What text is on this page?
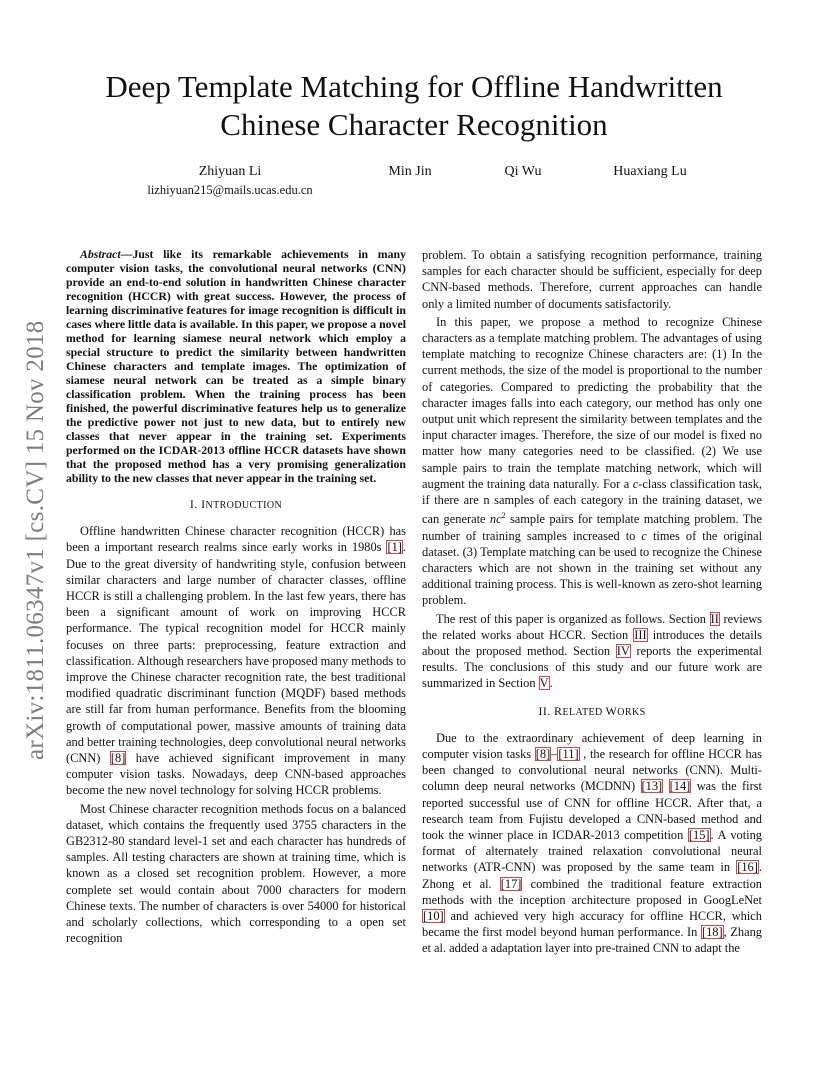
arXiv:1811.06347v1 [cs.CV] 15 Nov 2018
Deep Template Matching for Offline Handwritten
Chinese Character Recognition
Zhiyuan Li
lizhiyuan215@mails.ucas.edu.cn
Min Jin	Qi Wu	Huaxiang Lu

Abstract—Just like its remarkable achievements in many computer vision tasks, the convolutional neural networks (CNN) provide an end-to-end solution in handwritten Chinese character recognition (HCCR) with great success. However, the process of learning discriminative features for image recognition is difficult in cases where little data is available. In this paper, we propose a novel method for learning siamese neural network which employ a special structure to predict the similarity between handwritten Chinese characters and template images. The optimization of siamese neural network can be treated as a simple binary classification problem. When the training process has been finished, the powerful discriminative features help us to generalize the predictive power not just to new data, but to entirely new classes that never appear in the training set. Experiments performed on the ICDAR-2013 offline HCCR datasets have shown that the proposed method has a very promising generalization ability to the new classes that never appear in the training set.

I. INTRODUCTION

Offline handwritten Chinese character recognition (HCCR) has been a important research realms since early works in 1980s [1]. Due to the great diversity of handwriting style, confusion between similar characters and large number of character classes, offline HCCR is still a challenging problem. In the last few years, there has been a significant amount of work on improving HCCR performance. The typical recognition model for HCCR mainly focuses on three parts: preprocessing, feature extraction and classification. Although researchers have proposed many methods to improve the Chinese character recognition rate, the best traditional modified quadratic discriminant function (MQDF) based methods are still far from human performance. Benefits from the blooming growth of computational power, massive amounts of training data and better training technologies, deep convolutional neural networks (CNN) [8] have achieved significant improvement in many computer vision tasks. Nowadays, deep CNN-based approaches become the new novel technology for solving HCCR problems.

Most Chinese character recognition methods focus on a balanced dataset, which contains the frequently used 3755 characters in the GB2312-80 standard level-1 set and each character has hundreds of samples. All testing characters are shown at training time, which is known as a closed set recognition problem. However, a more complete set would contain about 7000 characters for modern Chinese texts. The number of characters is over 54000 for historical and scholarly collections, which corresponding to a open set recognition

problem. To obtain a satisfying recognition performance, training samples for each character should be sufficient, especially for deep CNN-based methods. Therefore, current approaches can handle only a limited number of documents satisfactorily.

In this paper, we propose a method to recognize Chinese characters as a template matching problem. The advantages of using template matching to recognize Chinese characters are: (1) In the current methods, the size of the model is proportional to the number of categories. Compared to predicting the probability that the character images falls into each category, our method has only one output unit which represent the similarity between templates and the input character images. Therefore, the size of our model is fixed no matter how many categories need to be classified. (2) We use sample pairs to train the template matching network, which will augment the training data naturally. For a c-class classification task, if there are n samples of each category in the training dataset, we can generate $nc^2$ sample pairs for template matching problem. The number of training samples increased to c times of the original dataset. (3) Template matching can be used to recognize the Chinese characters which are not shown in the training set without any additional training process. This is well-known as zero-shot learning problem.

The rest of this paper is organized as follows. Section II reviews the related works about HCCR. Section III introduces the details about the proposed method. Section IV reports the experimental results. The conclusions of this study and our future work are summarized in Section V.

II. RELATED WORKS

Due to the extraordinary achievement of deep learning in computer vision tasks [8]–[11] , the research for offline HCCR has been changed to convolutional neural networks (CNN). Multi-column deep neural networks (MCDNN) [13] [14] was the first reported successful use of CNN for offline HCCR. After that, a research team from Fujistu developed a CNN-based method and took the winner place in ICDAR-2013 competition [15]. A voting format of alternately trained relaxation convolutional neural networks (ATR-CNN) was proposed by the same team in [16]. Zhong et al. [17] combined the traditional feature extraction methods with the inception architecture proposed in GoogLeNet [10] and achieved very high accuracy for offline HCCR, which became the first model beyond human performance. In [18], Zhang et al. added a adaptation layer into pre-trained CNN to adapt the
